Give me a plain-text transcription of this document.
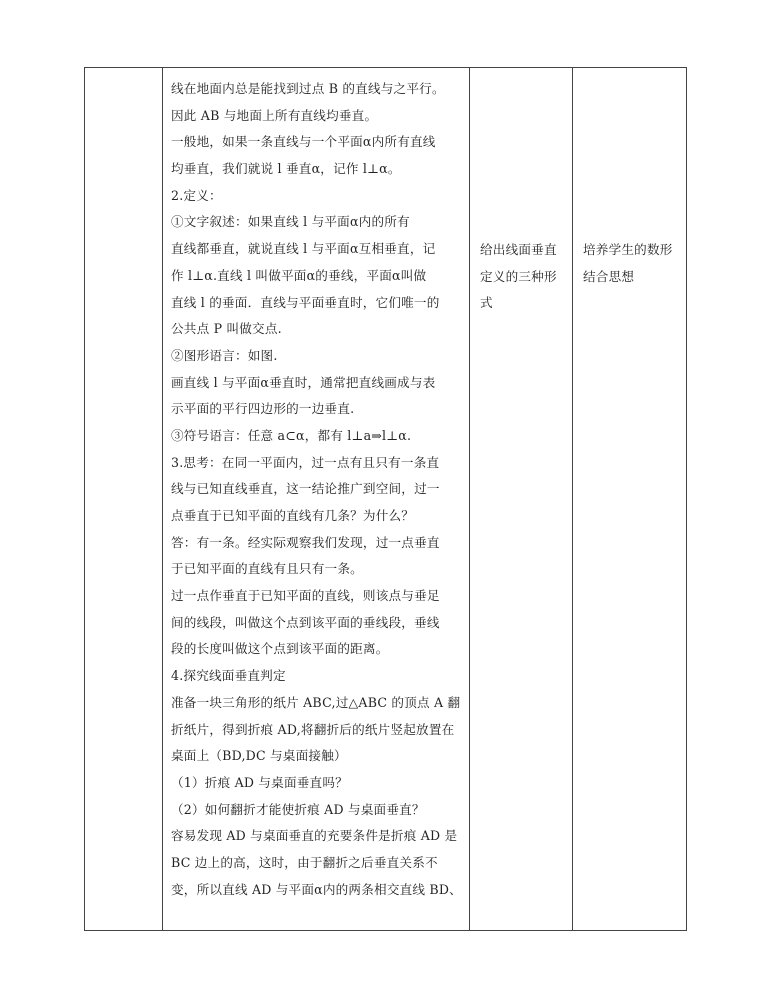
线在地面内总是能找到过点 B 的直线与之平行。
因此 AB 与地面上所有直线均垂直。
一般地，如果一条直线与一个平面α内所有直线
均垂直，我们就说 l 垂直α，记作 l⊥α。
2.定义：
①文字叙述：如果直线 l 与平面α内的所有
直线都垂直，就说直线 l 与平面α互相垂直，记
作 l⊥α.直线 l 叫做平面α的垂线，平面α叫做
直线 l 的垂面．直线与平面垂直时，它们唯一的
公共点 P 叫做交点.
②图形语言：如图.
画直线 l 与平面α垂直时，通常把直线画成与表
示平面的平行四边形的一边垂直.
③符号语言：任意 a⊂α，都有 l⊥a⇒l⊥α.
3.思考：在同一平面内，过一点有且只有一条直
线与已知直线垂直，这一结论推广到空间，过一
点垂直于已知平面的直线有几条？为什么？
答：有一条。经实际观察我们发现，过一点垂直
于已知平面的直线有且只有一条。
过一点作垂直于已知平面的直线，则该点与垂足
间的线段，叫做这个点到该平面的垂线段，垂线
段的长度叫做这个点到该平面的距离。
4.探究线面垂直判定
准备一块三角形的纸片 ABC,过△ABC 的顶点 A 翻
折纸片，得到折痕 AD,将翻折后的纸片竖起放置在
桌面上（BD,DC 与桌面接触）
（1）折痕 AD 与桌面垂直吗？
（2）如何翻折才能使折痕 AD 与桌面垂直？
容易发现 AD 与桌面垂直的充要条件是折痕 AD 是
BC 边上的高，这时，由于翻折之后垂直关系不
变，所以直线 AD 与平面α内的两条相交直线 BD、
给出线面垂直
定义的三种形
式
培养学生的数形
结合思想
